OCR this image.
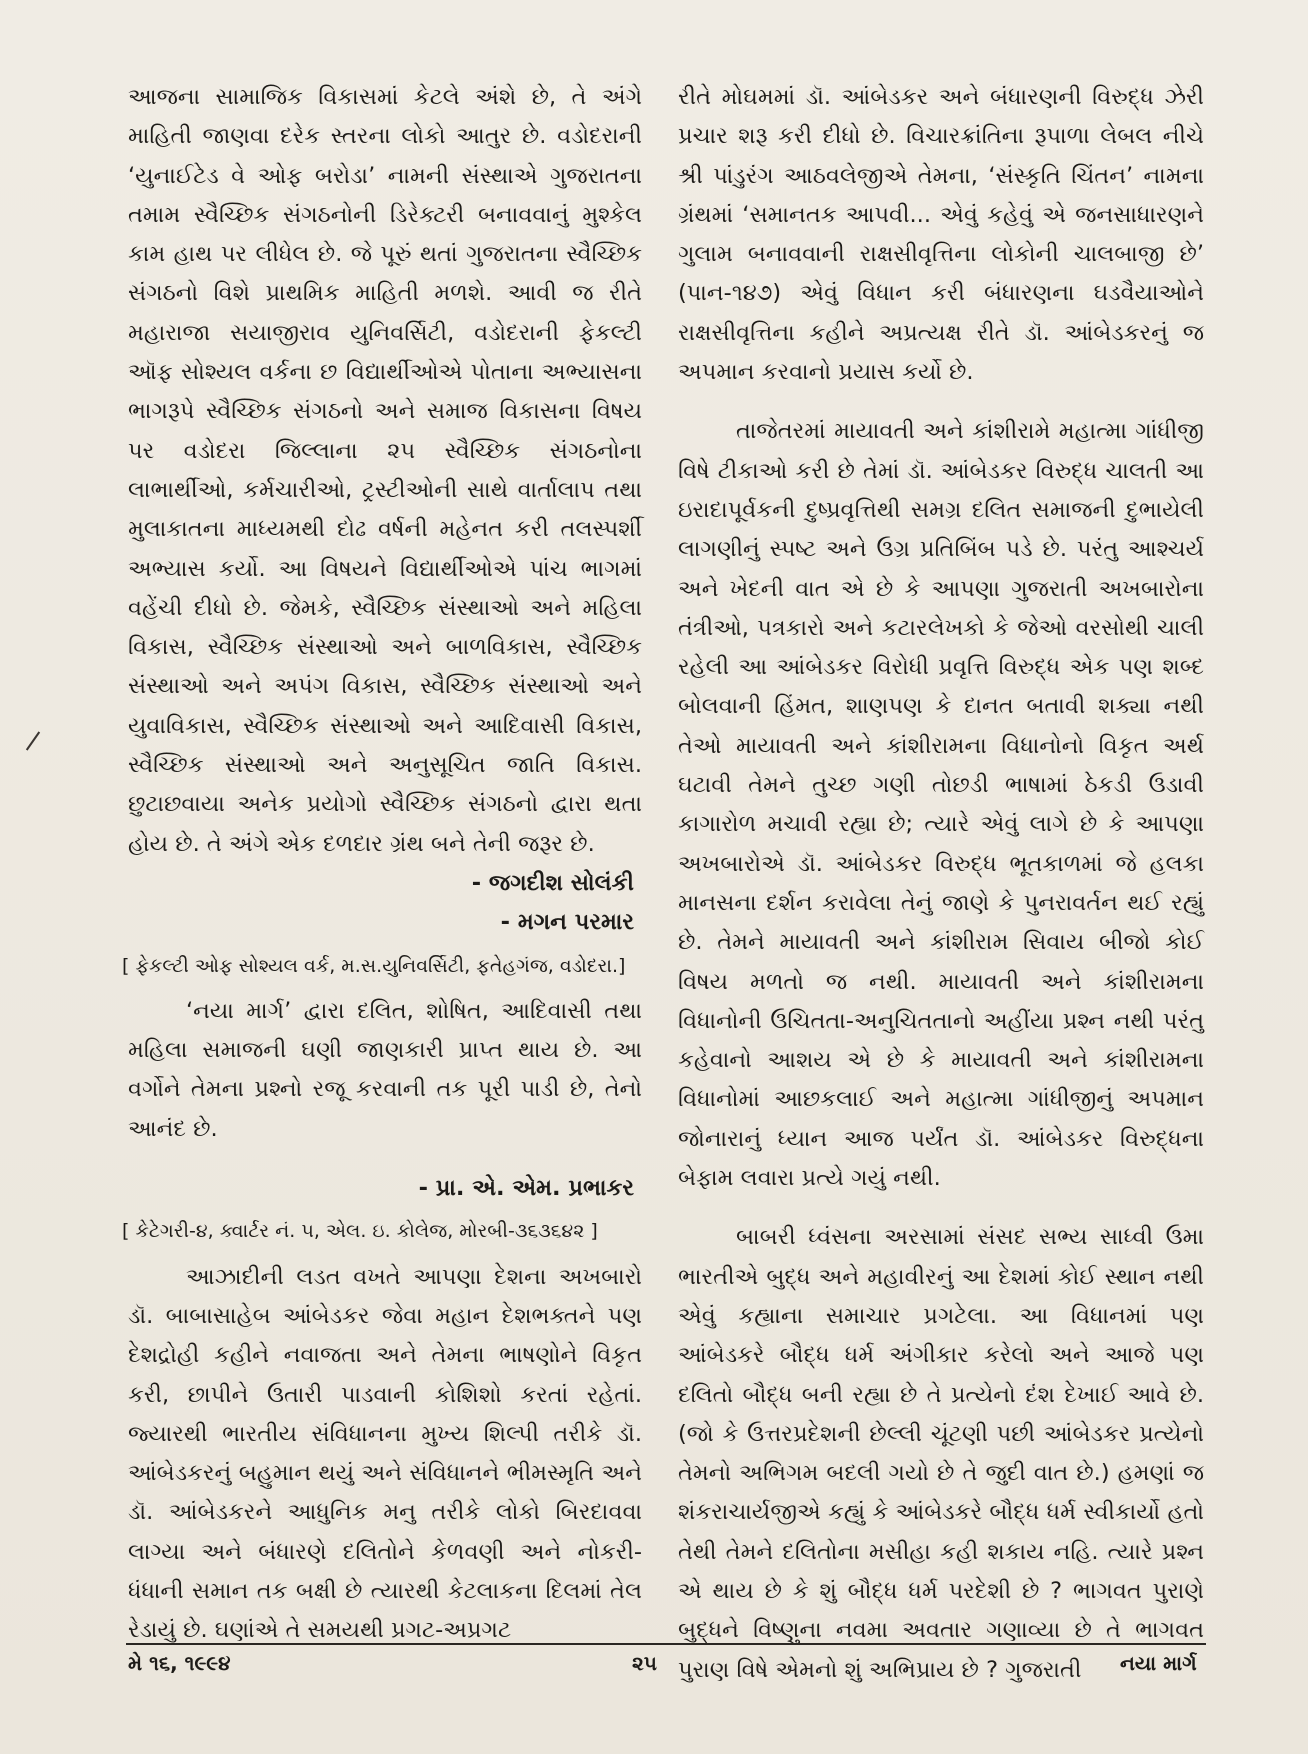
આજના સામાજિક વિકાસમાં કેટલે અંશે છે, તે અંગે માહિતી જાણવા દરેક સ્તરના લોકો આતુર છે. વડોદરાની ‘યુનાઈટેડ વે ઓફ બરોડા’ નામની સંસ્થાએ ગુજરાતના તમામ સ્વૈચ્છિક સંગઠનોની ડિરેક્ટરી બનાવવાનું મુશ્કેલ કામ હાથ પર લીધેલ છે. જે પૂરું થતાં ગુજરાતના સ્વૈચ્છિક સંગઠનો વિશે પ્રાથમિક માહિતી મળશે. આવી જ રીતે મહારાજા સયાજીરાવ યુનિવર્સિટી, વડોદરાની ફેકલ્ટી ઑફ સોશ્યલ વર્કના છ વિદ્યાર્થીઓએ પોતાના અભ્યાસના ભાગરૂપે સ્વૈચ્છિક સંગઠનો અને સમાજ વિકાસના વિષય પર વડોદરા જિલ્લાના ૨૫ સ્વૈચ્છિક સંગઠનોના લાભાર્થીઓ, કર્મચારીઓ, ટ્રસ્ટીઓની સાથે વાર્તાલાપ તથા મુલાકાતના માધ્યમથી દોઢ વર્ષની મહેનત કરી તલસ્પર્શી અભ્યાસ કર્યો. આ વિષયને વિદ્યાર્થીઓએ પાંચ ભાગમાં વહેંચી દીધો છે. જેમકે, સ્વૈચ્છિક સંસ્થાઓ અને મહિલા વિકાસ, સ્વૈચ્છિક સંસ્થાઓ અને બાળવિકાસ, સ્વૈચ્છિક સંસ્થાઓ અને અપંગ વિકાસ, સ્વૈચ્છિક સંસ્થાઓ અને યુવાવિકાસ, સ્વૈચ્છિક સંસ્થાઓ અને આદિવાસી વિકાસ, સ્વૈચ્છિક સંસ્થાઓ અને અનુસૂચિત જાતિ વિકાસ. છુટાછવાયા અનેક પ્રયોગો સ્વૈચ્છિક સંગઠનો દ્વારા થતા હોય છે. તે અંગે એક દળદાર ગ્રંથ બને તેની જરૂર છે.

- જગદીશ સોલંકી

- મગન પરમાર

[ ફેકલ્ટી ઓફ સોશ્યલ વર્ક, મ.સ.યુનિવર્સિટી, ફતેહગંજ, વડોદરા.]

‘નયા માર્ગ’ દ્વારા દલિત, શોષિત, આદિવાસી તથા મહિલા સમાજની ઘણી જાણકારી પ્રાપ્ત થાય છે. આ વર્ગોને તેમના પ્રશ્નો રજૂ કરવાની તક પૂરી પાડી છે, તેનો આનંદ છે.

- પ્રા. એ. એમ. પ્રભાકર

[ કેટેગરી-૪, ક્વાર્ટર નં. ૫, એલ. ઇ. કોલેજ, મોરબી-૩૬૩૬૪૨ ]

આઝાદીની લડત વખતે આપણા દેશના અખબારો ડૉ. બાબાસાહેબ આંબેડકર જેવા મહાન દેશભક્તને પણ દેશદ્રોહી કહીને નવાજતા અને તેમના ભાષણોને વિકૃત કરી, છાપીને ઉતારી પાડવાની કોશિશો કરતાં રહેતાં. જ્યારથી ભારતીય સંવિધાનના મુખ્ય શિલ્પી તરીકે ડૉ. આંબેડકરનું બહુમાન થયું અને સંવિધાનને ભીમસ્મૃતિ અને ડૉ. આંબેડકરને આધુનિક મનુ તરીકે લોકો બિરદાવવા લાગ્યા અને બંધારણે દલિતોને કેળવણી અને નોકરી-ધંધાની સમાન તક બક્ષી છે ત્યારથી કેટલાકના દિલમાં તેલ રેડાયું છે. ઘણાંએ તે સમયથી પ્રગટ-અપ્રગટ

રીતે મોઘમમાં ડૉ. આંબેડકર અને બંધારણની વિરુદ્ધ ઝેરી પ્રચાર શરૂ કરી દીધો છે. વિચારક્રાંતિના રૂપાળા લેબલ નીચે શ્રી પાંડુરંગ આઠવલેજીએ તેમના, ‘સંસ્કૃતિ ચિંતન’ નામના ગ્રંથમાં ‘સમાનતક આપવી... એવું કહેવું એ જનસાધારણને ગુલામ બનાવવાની રાક્ષસીવૃત્તિના લોકોની ચાલબાજી છે’ (પાન-૧૪૭) એવું વિધાન કરી બંધારણના ઘડવૈયાઓને રાક્ષસીવૃત્તિના કહીને અપ્રત્યક્ષ રીતે ડૉ. આંબેડકરનું જ અપમાન કરવાનો પ્રયાસ કર્યો છે.

તાજેતરમાં માયાવતી અને કાંશીરામે મહાત્મા ગાંધીજી વિષે ટીકાઓ કરી છે તેમાં ડૉ. આંબેડકર વિરુદ્ધ ચાલતી આ ઇરાદાપૂર્વકની દુષ્પ્રવૃત્તિથી સમગ્ર દલિત સમાજની દુભાયેલી લાગણીનું સ્પષ્ટ અને ઉગ્ર પ્રતિબિંબ પડે છે. પરંતુ આશ્ચર્ય અને ખેદની વાત એ છે કે આપણા ગુજરાતી અખબારોના તંત્રીઓ, પત્રકારો અને કટારલેખકો કે જેઓ વરસોથી ચાલી રહેલી આ આંબેડકર વિરોધી પ્રવૃત્તિ વિરુદ્ધ એક પણ શબ્દ બોલવાની હિંમત, શાણપણ કે દાનત બતાવી શક્યા નથી તેઓ માયાવતી અને કાંશીરામના વિધાનોનો વિકૃત અર્થ ઘટાવી તેમને તુચ્છ ગણી તોછડી ભાષામાં ઠેકડી ઉડાવી કાગારોળ મચાવી રહ્યા છે; ત્યારે એવું લાગે છે કે આપણા અખબારોએ ડૉ. આંબેડકર વિરુદ્ધ ભૂતકાળમાં જે હલકા માનસના દર્શન કરાવેલા તેનું જાણે કે પુનરાવર્તન થઈ રહ્યું છે. તેમને માયાવતી અને કાંશીરામ સિવાય બીજો કોઈ વિષય મળતો જ નથી. માયાવતી અને કાંશીરામના વિધાનોની ઉચિતતા-અનુચિતતાનો અહીંયા પ્રશ્ન નથી પરંતુ કહેવાનો આશય એ છે કે માયાવતી અને કાંશીરામના વિધાનોમાં આછકલાઈ અને મહાત્મા ગાંધીજીનું અપમાન જોનારાનું ધ્યાન આજ પર્યંત ડૉ. આંબેડકર વિરુદ્ધના બેફામ લવારા પ્રત્યે ગયું નથી.

બાબરી ધ્વંસના અરસામાં સંસદ સભ્ય સાધ્વી ઉમા ભારતીએ બુદ્ધ અને મહાવીરનું આ દેશમાં કોઈ સ્થાન નથી એવું કહ્યાના સમાચાર પ્રગટેલા. આ વિધાનમાં પણ આંબેડકરે બૌદ્ધ ધર્મ અંગીકાર કરેલો અને આજે પણ દલિતો બૌદ્ધ બની રહ્યા છે તે પ્રત્યેનો દંશ દેખાઈ આવે છે. (જો કે ઉત્તરપ્રદેશની છેલ્લી ચૂંટણી પછી આંબેડકર પ્રત્યેનો તેમનો અભિગમ બદલી ગયો છે તે જુદી વાત છે.) હમણાં જ શંકરાચાર્યજીએ કહ્યું કે આંબેડકરે બૌદ્ધ ધર્મ સ્વીકાર્યો હતો તેથી તેમને દલિતોના મસીહા કહી શકાય નહિ. ત્યારે પ્રશ્ન એ થાય છે કે શું બૌદ્ધ ધર્મ પરદેશી છે ? ભાગવત પુરાણે બુદ્ધને વિષ્ણુના નવમા અવતાર ગણાવ્યા છે તે ભાગવત પુરાણ વિષે એમનો શું અભિપ્રાય છે ? ગુજરાતી

મે ૧૬, ૧૯૯૪	૨૫	નયા માર્ગ
